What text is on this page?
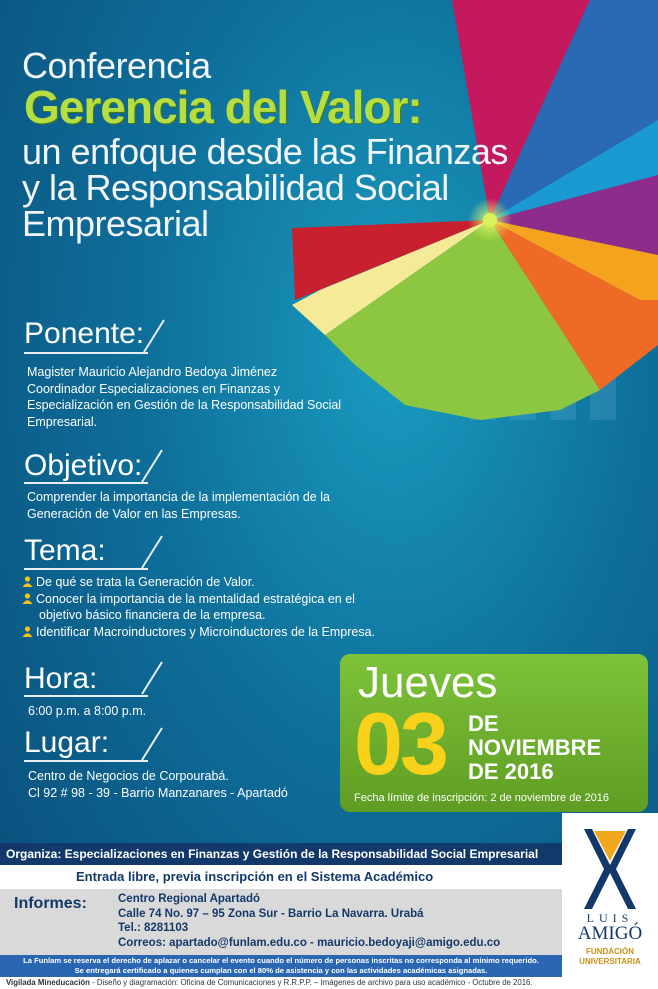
Conferencia
Gerencia del Valor:
un enfoque desde las Finanzas
y la Responsabilidad Social
Empresarial
Ponente:
Magister Mauricio Alejandro Bedoya Jiménez
Coordinador Especializaciones en Finanzas y
Especialización en Gestión de la Responsabilidad Social
Empresarial.
Objetivo:
Comprender la importancia de la implementación de la
Generación de Valor en las Empresas.
Tema:
De qué se trata la Generación de Valor.
Conocer la importancia de la mentalidad estratégica en el
objetivo básico financiera de la empresa.
Identificar Macroinductores y Microinductores de la Empresa.
Hora:
6:00 p.m. a 8:00 p.m.
Lugar:
Centro de Negocios de Corpourabá.
Cl 92 # 98 - 39 - Barrio Manzanares - Apartadó
Jueves
03 DE
NOVIEMBRE
DE 2016
Fecha límite de inscripción: 2 de noviembre de 2016
Organiza: Especializaciones en Finanzas y Gestión de la Responsabilidad Social Empresarial
Entrada libre, previa inscripción en el Sistema Académico
Informes:	Centro Regional Apartadó
Calle 74 No. 97 – 95 Zona Sur - Barrio La Navarra. Urabá
Tel.: 8281103
Correos: apartado@funlam.edu.co - mauricio.bedoyaji@amigo.edu.co
La Funlam se reserva el derecho de aplazar o cancelar el evento cuando el número de personas inscritas no corresponda al mínimo requerido.
Se entregará certificado a quienes cumplan con el 80% de asistencia y con las actividades académicas asignadas.
Vigilada Mineducación - Diseño y diagramación: Oficina de Comunicaciones y R.R.P.P. – Imágenes de archivo para uso académico - Octubre de 2016.
LUIS
AMIGÓ
FUNDACIÓN
UNIVERSITARIA
